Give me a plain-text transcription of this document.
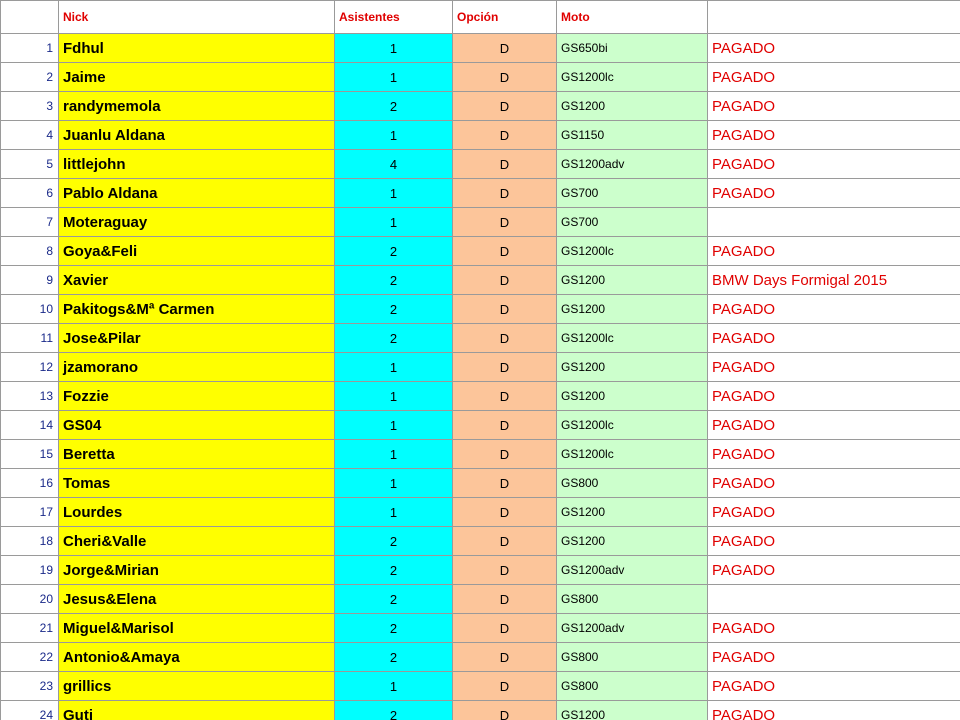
	Nick	Asistentes	Opción	Moto	
1	Fdhul	1	D	GS650bi	PAGADO
2	Jaime	1	D	GS1200lc	PAGADO
3	randymemola	2	D	GS1200	PAGADO
4	Juanlu Aldana	1	D	GS1150	PAGADO
5	littlejohn	4	D	GS1200adv	PAGADO
6	Pablo Aldana	1	D	GS700	PAGADO
7	Moteraguay	1	D	GS700	
8	Goya&Feli	2	D	GS1200lc	PAGADO
9	Xavier	2	D	GS1200	BMW Days Formigal 2015
10	Pakitogs&Mª Carmen	2	D	GS1200	PAGADO
11	Jose&Pilar	2	D	GS1200lc	PAGADO
12	jzamorano	1	D	GS1200	PAGADO
13	Fozzie	1	D	GS1200	PAGADO
14	GS04	1	D	GS1200lc	PAGADO
15	Beretta	1	D	GS1200lc	PAGADO
16	Tomas	1	D	GS800	PAGADO
17	Lourdes	1	D	GS1200	PAGADO
18	Cheri&Valle	2	D	GS1200	PAGADO
19	Jorge&Mirian	2	D	GS1200adv	PAGADO
20	Jesus&Elena	2	D	GS800	
21	Miguel&Marisol	2	D	GS1200adv	PAGADO
22	Antonio&Amaya	2	D	GS800	PAGADO
23	grillics	1	D	GS800	PAGADO
24	Guti	2	D	GS1200	PAGADO
